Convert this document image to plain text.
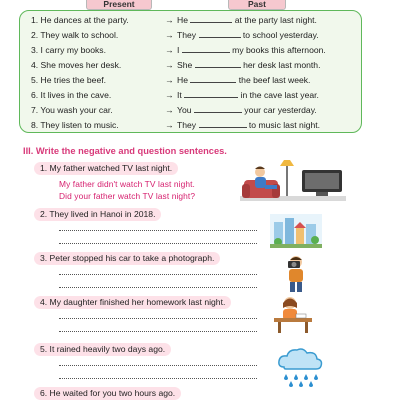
Present	Past
1. He dances at the party.	→ He	at the party last night.
2. They walk to school.	→ They	to school yesterday.
3. I carry my books.	→ I	my books this afternoon.
4. She moves her desk.	→ She	her desk last month.
5. He tries the beef.	→ He	the beef last week.
6. It lives in the cave.	→ It	in the cave last year.
7. You wash your car.	→ You	your car yesterday.
8. They listen to music.	→ They	to music last night.
III. Write the negative and question sentences.
1. My father watched TV last night.
My father didn't watch TV last night.
Did your father watch TV last night?
2. They lived in Hanoi in 2018.
3. Peter stopped his car to take a photograph.
4. My daughter finished her homework last night.
5. It rained heavily two days ago.
6. He waited for you two hours ago.
